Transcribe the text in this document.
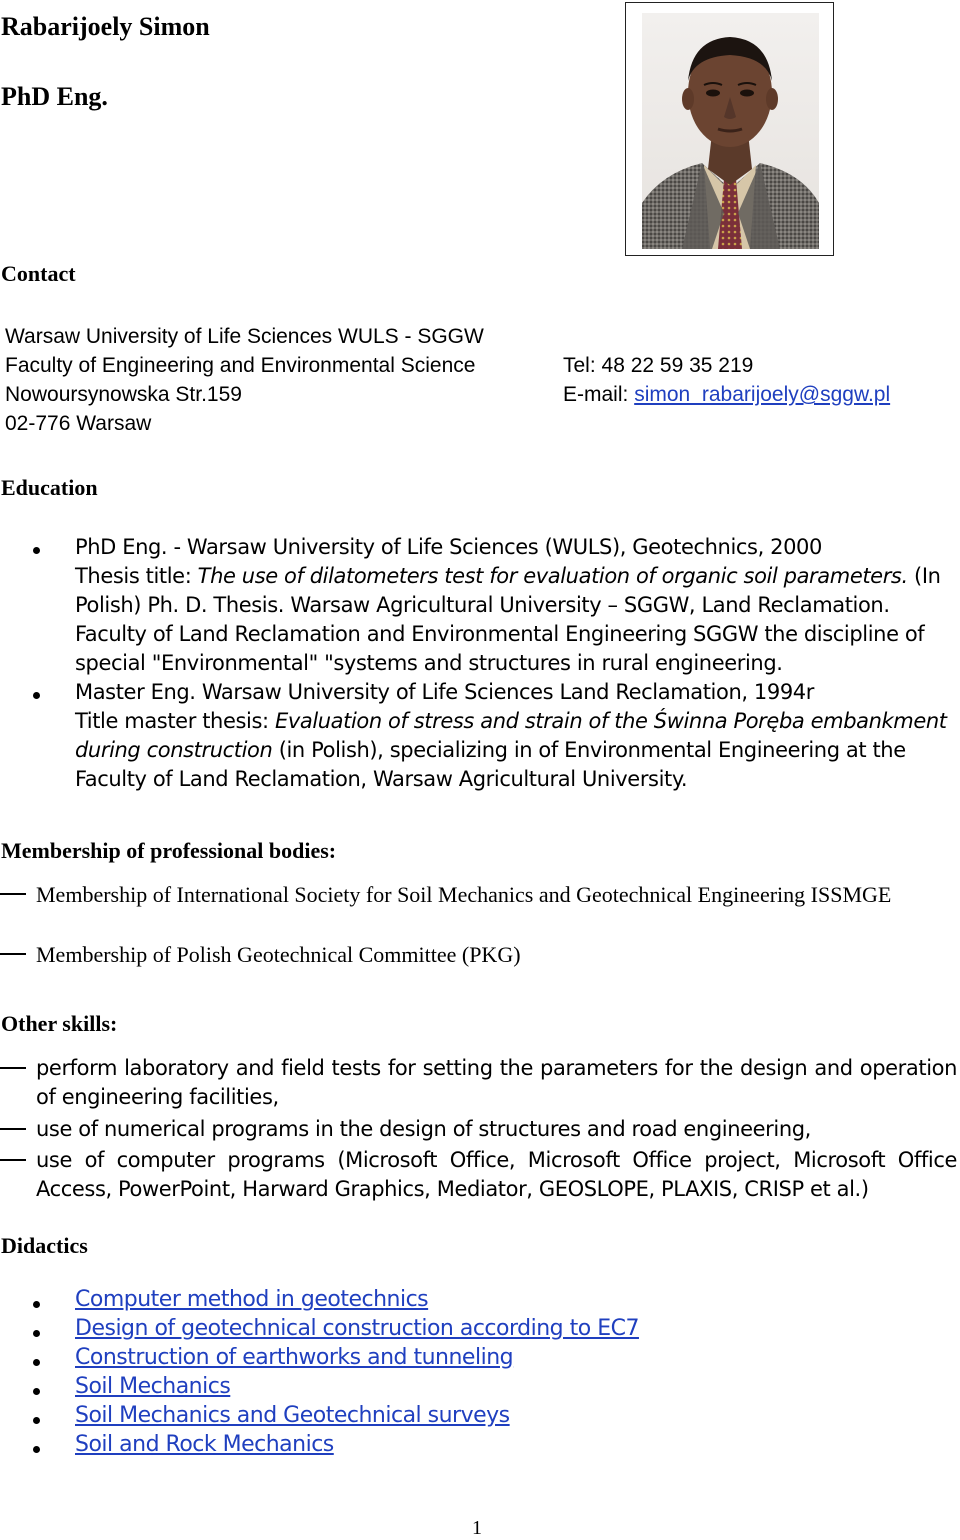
Rabarijoely Simon
PhD Eng.
Contact
Warsaw University of Life Sciences WULS - SGGW
Faculty of Engineering and Environmental Science
Nowoursynowska Str.159
02-776 Warsaw
Tel: 48 22 59 35 219
E-mail: simon_rabarijoely@sggw.pl
Education
PhD Eng. - Warsaw University of Life Sciences (WULS), Geotechnics, 2000
Thesis title: The use of dilatometers test for evaluation of organic soil parameters. (In
Polish) Ph. D. Thesis. Warsaw Agricultural University – SGGW, Land Reclamation.
Faculty of Land Reclamation and Environmental Engineering SGGW the discipline of
special "Environmental" "systems and structures in rural engineering.
Master Eng. Warsaw University of Life Sciences Land Reclamation, 1994r
Title master thesis: Evaluation of stress and strain of the Świnna Poręba embankment
during construction (in Polish), specializing in of Environmental Engineering at the
Faculty of Land Reclamation, Warsaw Agricultural University.
Membership of professional bodies:
Membership of International Society for Soil Mechanics and Geotechnical Engineering ISSMGE
Membership of Polish Geotechnical Committee (PKG)
Other skills:
perform laboratory and field tests for setting the parameters for the design and operation of engineering facilities,
use of numerical programs in the design of structures and road engineering,
use of computer programs (Microsoft Office, Microsoft Office project, Microsoft Office Access, PowerPoint, Harward Graphics, Mediator, GEOSLOPE, PLAXIS, CRISP et al.)
Didactics
Computer method in geotechnics
Design of geotechnical construction according to EC7
Construction of earthworks and tunneling
Soil Mechanics
Soil Mechanics and Geotechnical surveys
Soil and Rock Mechanics
1
